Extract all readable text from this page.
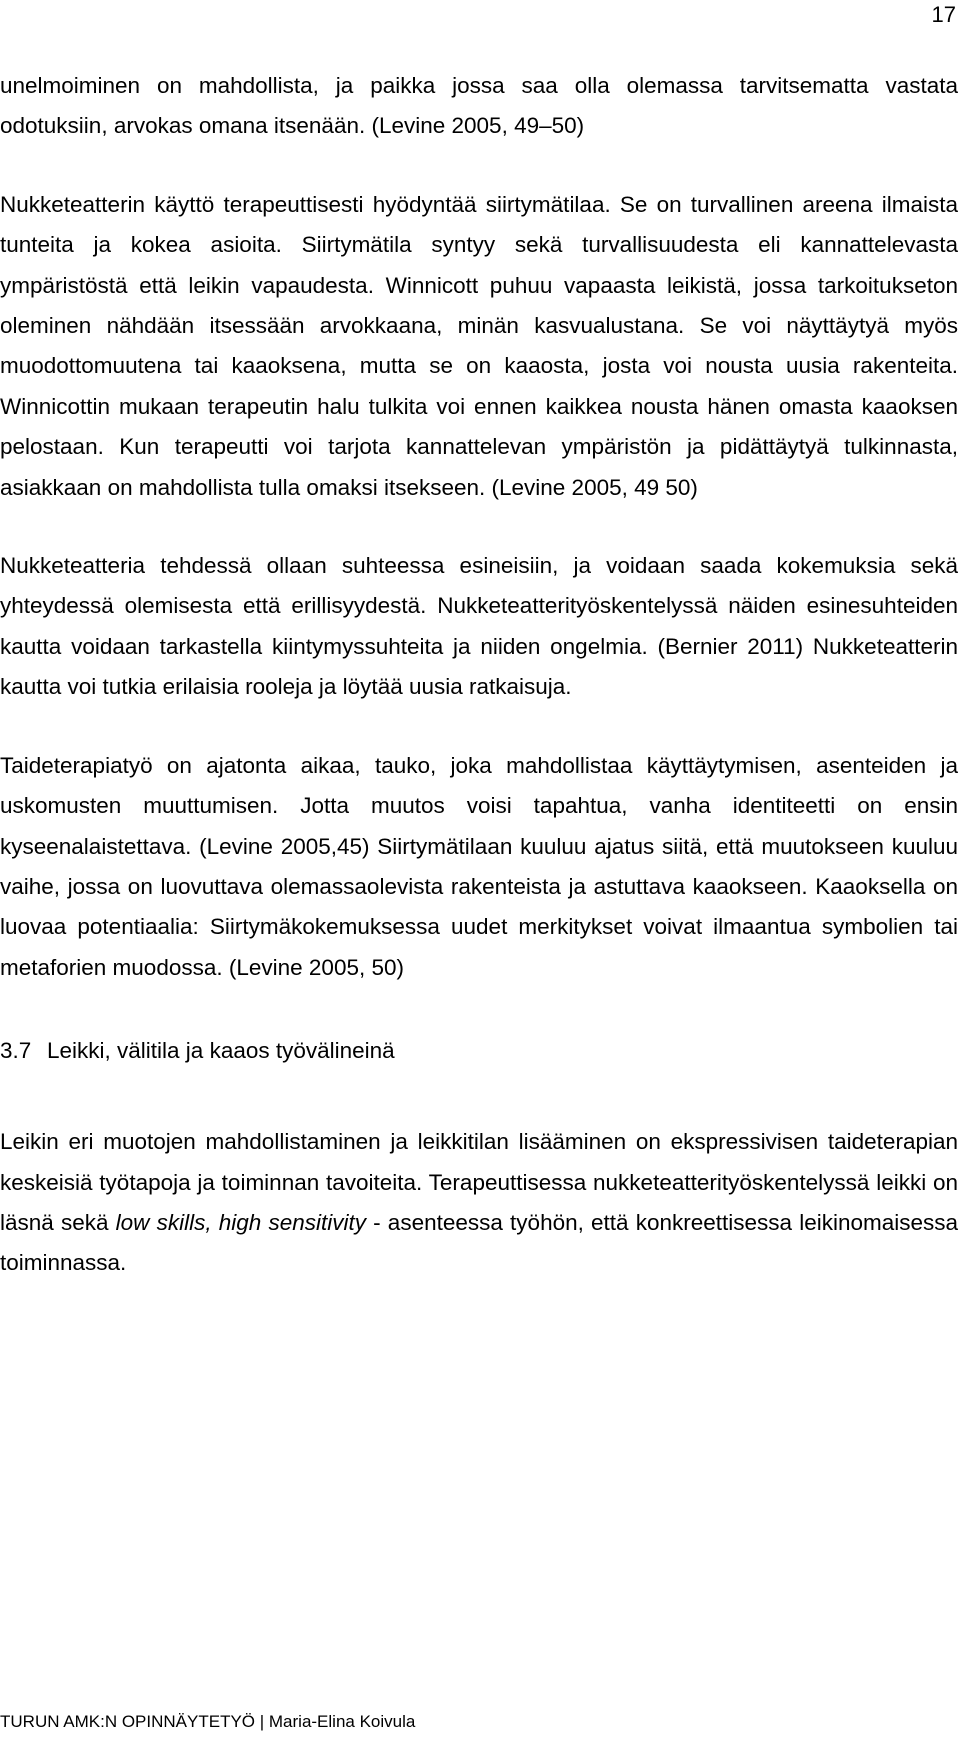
17

unelmoiminen on mahdollista, ja paikka jossa saa olla olemassa tarvitsematta vastata odotuksiin, arvokas omana itsenään. (Levine 2005, 49–50)

Nukketeatterin käyttö terapeuttisesti hyödyntää siirtymätilaa. Se on turvallinen areena ilmaista tunteita ja kokea asioita. Siirtymätila syntyy sekä turvallisuudesta eli kannattelevasta ympäristöstä että leikin vapaudesta. Winnicott puhuu vapaasta leikistä, jossa tarkoitukseton oleminen nähdään itsessään arvokkaana, minän kasvualustana. Se voi näyttäytyä myös muodottomuutena tai kaaoksena, mutta se on kaaosta, josta voi nousta uusia rakenteita. Winnicottin mukaan terapeutin halu tulkita voi ennen kaikkea nousta hänen omasta kaaoksen pelostaan. Kun terapeutti voi tarjota kannattelevan ympäristön ja pidättäytyä tulkinnasta, asiakkaan on mahdollista tulla omaksi itsekseen. (Levine 2005, 49 50)

Nukketeatteria tehdessä ollaan suhteessa esineisiin, ja voidaan saada kokemuksia sekä yhteydessä olemisesta että erillisyydestä. Nukketeatterityöskentelyssä näiden esinesuhteiden kautta voidaan tarkastella kiintymyssuhteita ja niiden ongelmia. (Bernier 2011) Nukketeatterin kautta voi tutkia erilaisia rooleja ja löytää uusia ratkaisuja.

Taideterapiatyö on ajatonta aikaa, tauko, joka mahdollistaa käyttäytymisen, asenteiden ja uskomusten muuttumisen. Jotta muutos voisi tapahtua, vanha identiteetti on ensin kyseenalaistettava. (Levine 2005,45) Siirtymätilaan kuuluu ajatus siitä, että muutokseen kuuluu vaihe, jossa on luovuttava olemassaolevista rakenteista ja astuttava kaaokseen. Kaaoksella on luovaa potentiaalia: Siirtymäkokemuksessa uudet merkitykset voivat ilmaantua symbolien tai metaforien muodossa. (Levine 2005, 50)

3.7 Leikki, välitila ja kaaos työvälineinä

Leikin eri muotojen mahdollistaminen ja leikkitilan lisääminen on ekspressivisen taideterapian keskeisiä työtapoja ja toiminnan tavoiteita. Terapeuttisessa nukketeatterityöskentelyssä leikki on läsnä sekä low skills, high sensitivity - asenteessa työhön, että konkreettisessa leikinomaisessa toiminnassa.

TURUN AMK:N OPINNÄYTETYÖ | Maria-Elina Koivula
